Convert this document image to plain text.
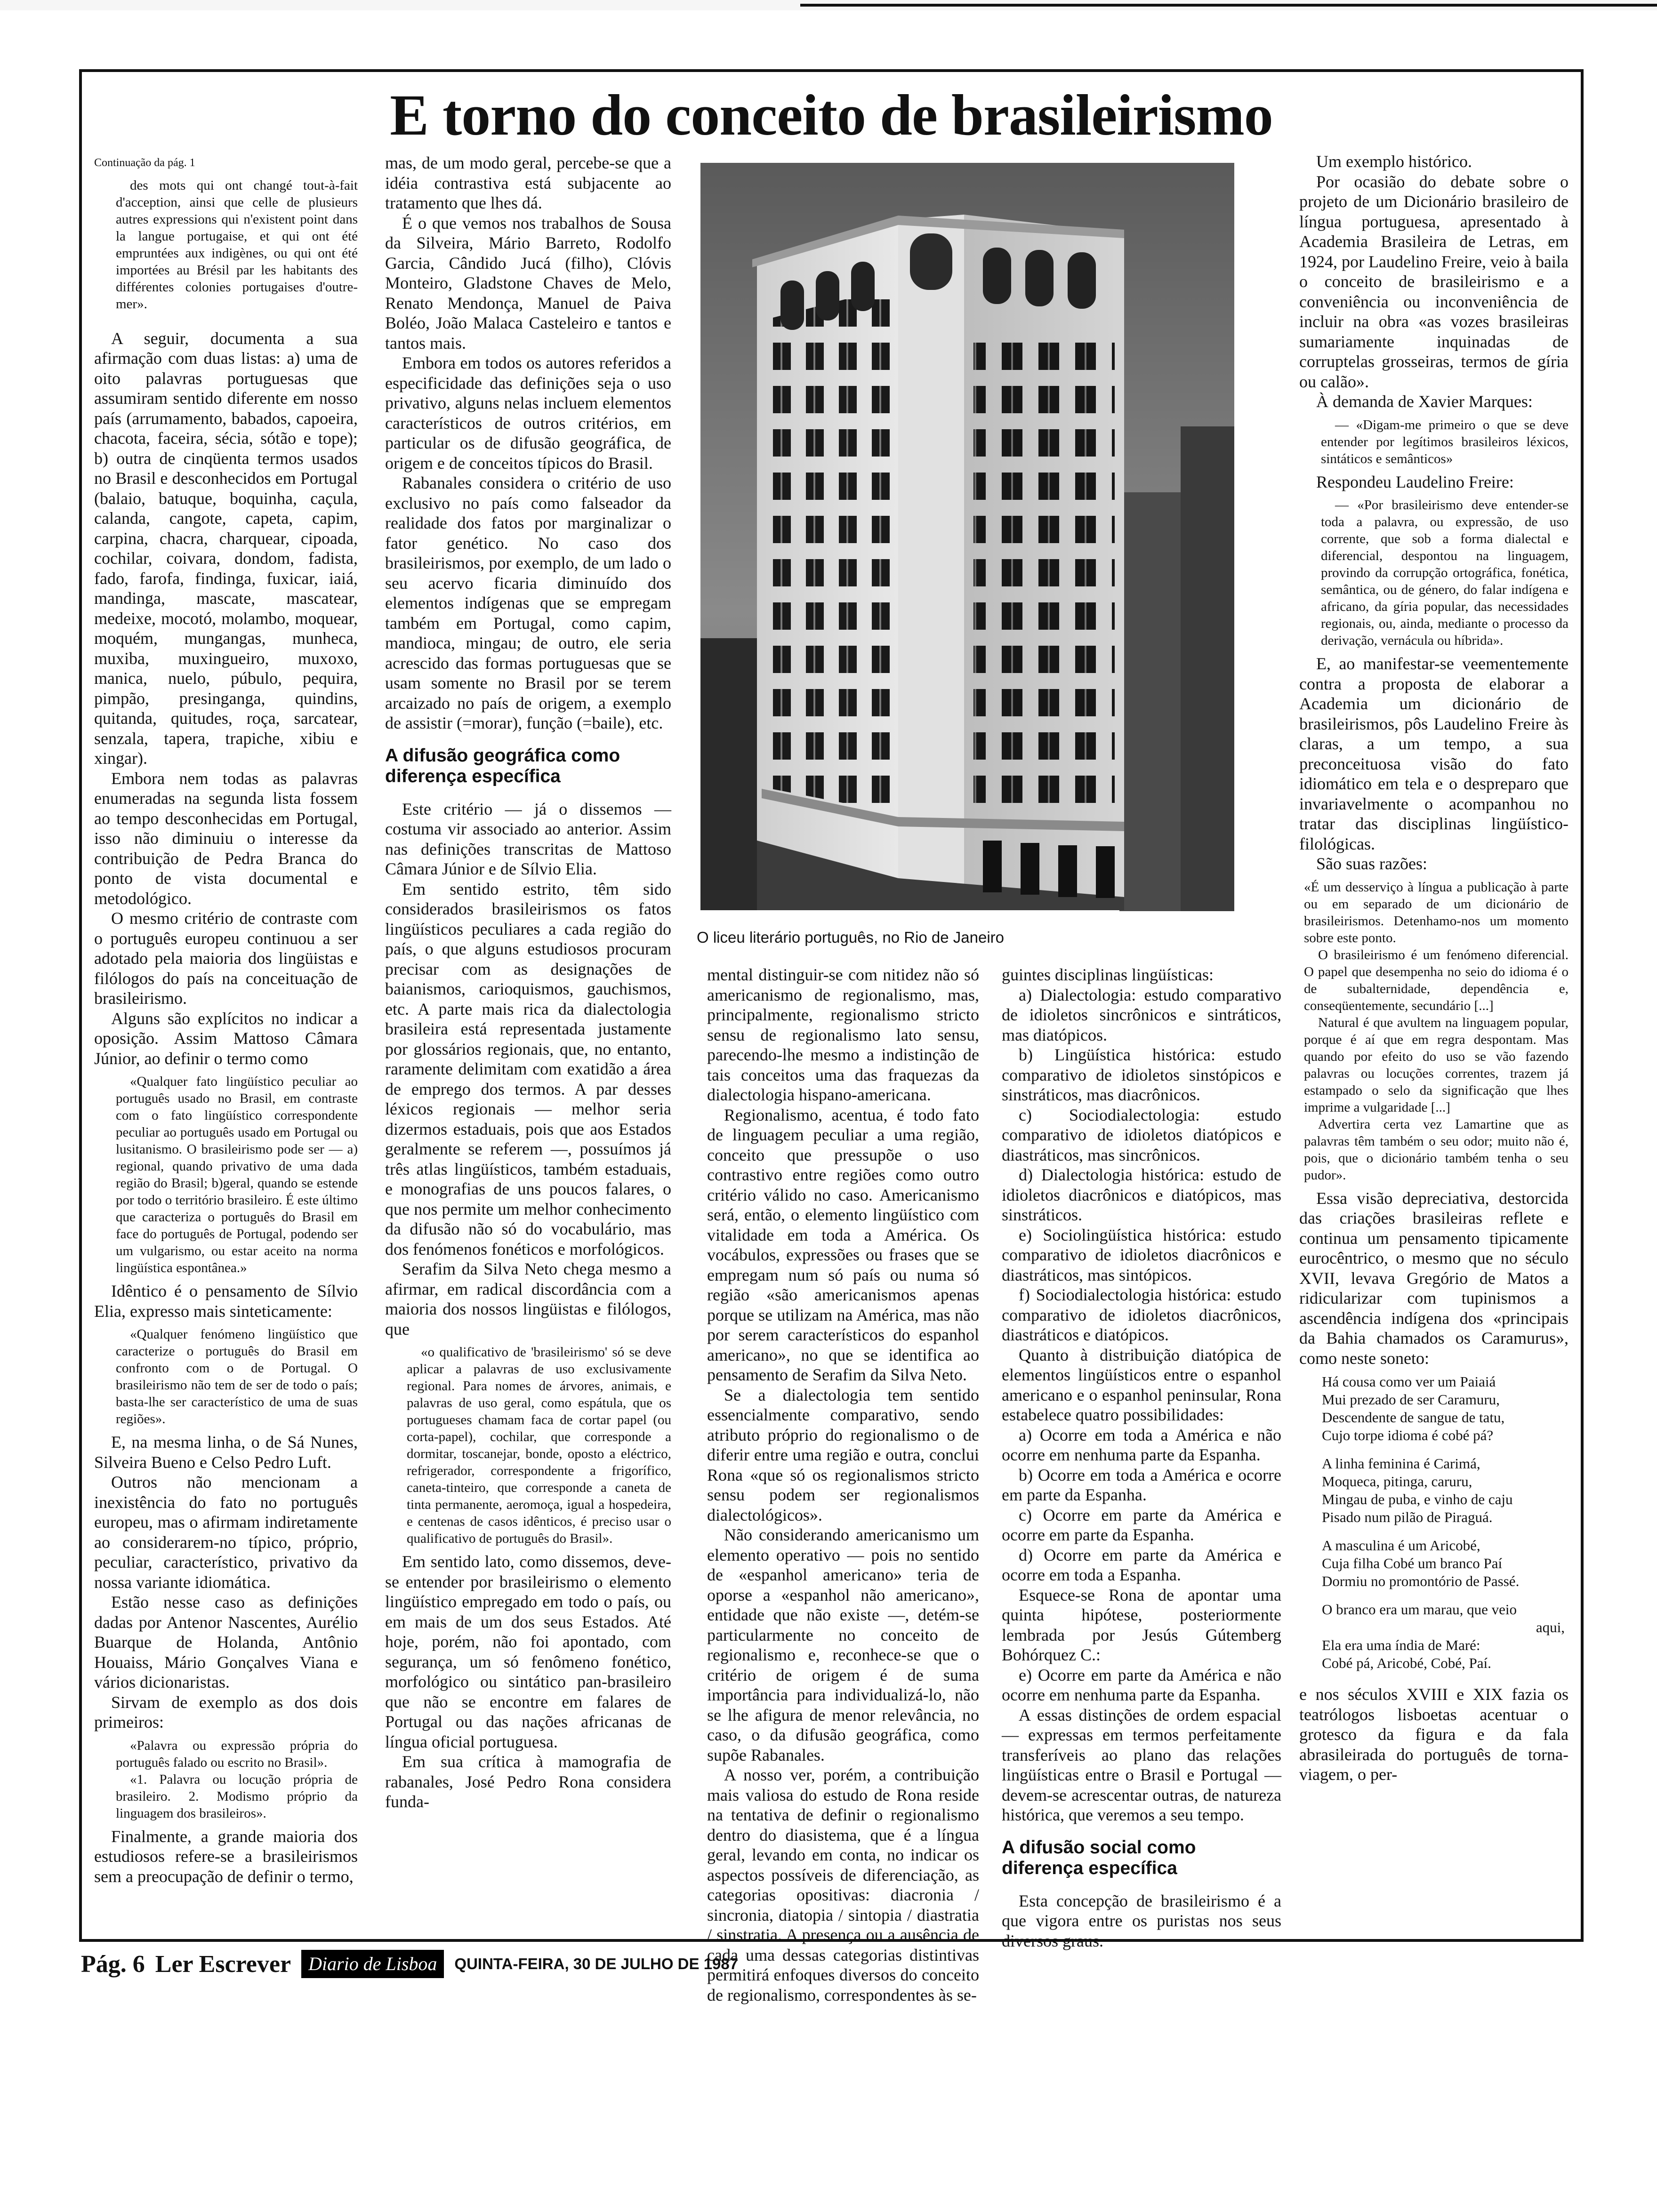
E torno do conceito de brasileirismo
Continuação da pág. 1

des mots qui ont changé tout-à-fait d'acception, ainsi que celle de plusieurs autres expressions qui n'existent point dans la langue portugaise, et qui ont été empruntées aux indigènes, ou qui ont été importées au Brésil par les habitants des différentes colonies portugaises d'outre-mer».

A seguir, documenta a sua afirmação com duas listas: a) uma de oito palavras portuguesas que assumiram sentido diferente em nosso país (arrumamento, babados, capoeira, chacota, faceira, sécia, sótão e tope); b) outra de cinqüenta termos usados no Brasil e desconhecidos em Portugal (balaio, batuque, boquinha, caçula, calanda, cangote, capeta, capim, carpina, chacra, charquear, cipoada, cochilar, coivara, dondom, fadista, fado, farofa, findinga, fuxicar, iaiá, mandinga, mascate, mascatear, medeixe, mocotó, molambo, moquear, moquém, mungangas, munheca, muxiba, muxingueiro, muxoxo, manica, nuelo, púbulo, pequira, pimpão, presinganga, quindins, quitanda, quitudes, roça, sarcatear, senzala, tapera, trapiche, xibiu e xingar).

Embora nem todas as palavras enumeradas na segunda lista fossem ao tempo desconhecidas em Portugal, isso não diminuiu o interesse da contribuição de Pedra Branca do ponto de vista documental e metodológico.

O mesmo critério de contraste com o português europeu continuou a ser adotado pela maioria dos lingüistas e filólogos do país na conceituação de brasileirismo.

Alguns são explícitos no indicar a oposição. Assim Mattoso Câmara Júnior, ao definir o termo como

«Qualquer fato lingüístico peculiar ao português usado no Brasil, em contraste com o fato lingüístico correspondente peculiar ao português usado em Portugal ou lusitanismo. O brasileirismo pode ser — a) regional, quando privativo de uma dada região do Brasil; b)geral, quando se estende por todo o território brasileiro. É este último que caracteriza o português do Brasil em face do português de Portugal, podendo ser um vulgarismo, ou estar aceito na norma lingüística espontânea.»

Idêntico é o pensamento de Sílvio Elia, expresso mais sinteticamente:

«Qualquer fenómeno lingüístico que caracterize o português do Brasil em confronto com o de Portugal. O brasileirismo não tem de ser de todo o país; basta-lhe ser característico de uma de suas regiões».

E, na mesma linha, o de Sá Nunes, Silveira Bueno e Celso Pedro Luft.

Outros não mencionam a inexistência do fato no português europeu, mas o afirmam indiretamente ao considerarem-no típico, próprio, peculiar, característico, privativo da nossa variante idiomática.

Estão nesse caso as definições dadas por Antenor Nascentes, Aurélio Buarque de Holanda, Antônio Houaiss, Mário Gonçalves Viana e vários dicionaristas.

Sirvam de exemplo as dos dois primeiros:

«Palavra ou expressão própria do português falado ou escrito no Brasil».

«1. Palavra ou locução própria de brasileiro. 2. Modismo próprio da linguagem dos brasileiros».

Finalmente, a grande maioria dos estudiosos refere-se a brasileirismos sem a preocupação de definir o termo,

mas, de um modo geral, percebe-se que a idéia contrastiva está subjacente ao tratamento que lhes dá.

É o que vemos nos trabalhos de Sousa da Silveira, Mário Barreto, Rodolfo Garcia, Cândido Jucá (filho), Clóvis Monteiro, Gladstone Chaves de Melo, Renato Mendonça, Manuel de Paiva Boléo, João Malaca Casteleiro e tantos e tantos mais.

Embora em todos os autores referidos a especificidade das definições seja o uso privativo, alguns nelas incluem elementos característicos de outros critérios, em particular os de difusão geográfica, de origem e de conceitos típicos do Brasil.

Rabanales considera o critério de uso exclusivo no país como falseador da realidade dos fatos por marginalizar o fator genético. No caso dos brasileirismos, por exemplo, de um lado o seu acervo ficaria diminuído dos elementos indígenas que se empregam também em Portugal, como capim, mandioca, mingau; de outro, ele seria acrescido das formas portuguesas que se usam somente no Brasil por se terem arcaizado no país de origem, a exemplo de assistir (=morar), função (=baile), etc.

A difusão geográfica como diferença específica

Este critério — já o dissemos — costuma vir associado ao anterior. Assim nas definições transcritas de Mattoso Câmara Júnior e de Sílvio Elia.

Em sentido estrito, têm sido considerados brasileirismos os fatos lingüísticos peculiares a cada região do país, o que alguns estudiosos procuram precisar com as designações de baianismos, carioquismos, gauchismos, etc. A parte mais rica da dialectologia brasileira está representada justamente por glossários regionais, que, no entanto, raramente delimitam com exatidão a área de emprego dos termos. A par desses léxicos regionais — melhor seria dizermos estaduais, pois que aos Estados geralmente se referem —, possuímos já três atlas lingüísticos, também estaduais, e monografias de uns poucos falares, o que nos permite um melhor conhecimento da difusão não só do vocabulário, mas dos fenómenos fonéticos e morfológicos.

Serafim da Silva Neto chega mesmo a afirmar, em radical discordância com a maioria dos nossos lingüistas e filólogos, que

«o qualificativo de 'brasileirismo' só se deve aplicar a palavras de uso exclusivamente regional. Para nomes de árvores, animais, e palavras de uso geral, como espátula, que os portugueses chamam faca de cortar papel (ou corta-papel), cochilar, que corresponde a dormitar, toscanejar, bonde, oposto a eléctrico, refrigerador, correspondente a frigorífico, caneta-tinteiro, que corresponde a caneta de tinta permanente, aeromoça, igual a hospedeira, e centenas de casos idênticos, é preciso usar o qualificativo de português do Brasil».

Em sentido lato, como dissemos, deve-se entender por brasileirismo o elemento lingüístico empregado em todo o país, ou em mais de um dos seus Estados. Até hoje, porém, não foi apontado, com segurança, um só fenômeno fonético, morfológico ou sintático pan-brasileiro que não se encontre em falares de Portugal ou das nações africanas de língua oficial portuguesa.

Em sua crítica à mamografia de rabanales, José Pedro Rona considera funda-

O liceu literário português, no Rio de Janeiro

mental distinguir-se com nitidez não só americanismo de regionalismo, mas, principalmente, regionalismo stricto sensu de regionalismo lato sensu, parecendo-lhe mesmo a indistinção de tais conceitos uma das fraquezas da dialectologia hispano-americana.

Regionalismo, acentua, é todo fato de linguagem peculiar a uma região, conceito que pressupõe o uso contrastivo entre regiões como outro critério válido no caso. Americanismo será, então, o elemento lingüístico com vitalidade em toda a América. Os vocábulos, expressões ou frases que se empregam num só país ou numa só região «são americanismos apenas porque se utilizam na América, mas não por serem característicos do espanhol americano», no que se identifica ao pensamento de Serafim da Silva Neto.

Se a dialectologia tem sentido essencialmente comparativo, sendo atributo próprio do regionalismo o de diferir entre uma região e outra, conclui Rona «que só os regionalismos stricto sensu podem ser regionalismos dialectológicos».

Não considerando americanismo um elemento operativo — pois no sentido de «espanhol americano» teria de oporse a «espanhol não americano», entidade que não existe —, detém-se particularmente no conceito de regionalismo e, reconhece-se que o critério de origem é de suma importância para individualizá-lo, não se lhe afigura de menor relevância, no caso, o da difusão geográfica, como supõe Rabanales.

A nosso ver, porém, a contribuição mais valiosa do estudo de Rona reside na tentativa de definir o regionalismo dentro do diasistema, que é a língua geral, levando em conta, no indicar os aspectos possíveis de diferenciação, as categorias opositivas: diacronia / sincronia, diatopia / sintopia / diastratia / sinstratia. A presença ou a ausência de cada uma dessas categorias distintivas permitirá enfoques diversos do conceito de regionalismo, correspondentes às se-

guintes disciplinas lingüísticas:

a) Dialectologia: estudo comparativo de idioletos sincrônicos e sintráticos, mas diatópicos.

b) Lingüística histórica: estudo comparativo de idioletos sinstópicos e sinstráticos, mas diacrônicos.

c) Sociodialectologia: estudo comparativo de idioletos diatópicos e diastráticos, mas sincrônicos.

d) Dialectologia histórica: estudo de idioletos diacrônicos e diatópicos, mas sinstráticos.

e) Sociolingüística histórica: estudo comparativo de idioletos diacrônicos e diastráticos, mas sintópicos.

f) Sociodialectologia histórica: estudo comparativo de idioletos diacrônicos, diastráticos e diatópicos.

Quanto à distribuição diatópica de elementos lingüísticos entre o espanhol americano e o espanhol peninsular, Rona estabelece quatro possibilidades:

a) Ocorre em toda a América e não ocorre em nenhuma parte da Espanha.

b) Ocorre em toda a América e ocorre em parte da Espanha.

c) Ocorre em parte da América e ocorre em parte da Espanha.

d) Ocorre em parte da América e ocorre em toda a Espanha.

Esquece-se Rona de apontar uma quinta hipótese, posteriormente lembrada por Jesús Gútemberg Bohórquez C.:

e) Ocorre em parte da América e não ocorre em nenhuma parte da Espanha.

A essas distinções de ordem espacial — expressas em termos perfeitamente transferíveis ao plano das relações lingüísticas entre o Brasil e Portugal — devem-se acrescentar outras, de natureza histórica, que veremos a seu tempo.

A difusão social como diferença específica

Esta concepção de brasileirismo é a que vigora entre os puristas nos seus diversos graus.

Um exemplo histórico.

Por ocasião do debate sobre o projeto de um Dicionário brasileiro de língua portuguesa, apresentado à Academia Brasileira de Letras, em 1924, por Laudelino Freire, veio à baila o conceito de brasileirismo e a conveniência ou inconveniência de incluir na obra «as vozes brasileiras sumariamente inquinadas de corruptelas grosseiras, termos de gíria ou calão».

À demanda de Xavier Marques:

— «Digam-me primeiro o que se deve entender por legítimos brasileiros léxicos, sintáticos e semânticos»

Respondeu Laudelino Freire:

— «Por brasileirismo deve entender-se toda a palavra, ou expressão, de uso corrente, que sob a forma dialectal e diferencial, despontou na linguagem, provindo da corrupção ortográfica, fonética, semântica, ou de género, do falar indígena e africano, da gíria popular, das necessidades regionais, ou, ainda, mediante o processo da derivação, vernácula ou híbrida».

E, ao manifestar-se veementemente contra a proposta de elaborar a Academia um dicionário de brasileirismos, pôs Laudelino Freire às claras, a um tempo, a sua preconceituosa visão do fato idiomático em tela e o despreparo que invariavelmente o acompanhou no tratar das disciplinas lingüístico-filológicas.

São suas razões:

«É um desserviço à língua a publicação à parte ou em separado de um dicionário de brasileirismos. Detenhamo-nos um momento sobre este ponto.

O brasileirismo é um fenómeno diferencial. O papel que desempenha no seio do idioma é o de subalternidade, dependência e, conseqüentemente, secundário [...]

Natural é que avultem na linguagem popular, porque é aí que em regra despontam. Mas quando por efeito do uso se vão fazendo palavras ou locuções correntes, trazem já estampado o selo da significação que lhes imprime a vulgaridade [...]

Advertira certa vez Lamartine que as palavras têm também o seu odor; muito não é, pois, que o dicionário também tenha o seu pudor».

Essa visão depreciativa, destorcida das criações brasileiras reflete e continua um pensamento tipicamente eurocêntrico, o mesmo que no século XVII, levava Gregório de Matos a ridicularizar com tupinismos a ascendência indígena dos «principais da Bahia chamados os Caramurus», como neste soneto:

Há cousa como ver um Paiaiá
Mui prezado de ser Caramuru,
Descendente de sangue de tatu,
Cujo torpe idioma é cobé pá?
A linha feminina é Carimá,
Moqueca, pitinga, caruru,
Mingau de puba, e vinho de caju
Pisado num pilão de Piraguá.
A masculina é um Aricobé,
Cuja filha Cobé um branco Paí
Dormiu no promontório de Passé.
O branco era um marau, que veio
aqui,
Ela era uma índia de Maré:
Cobé pá, Aricobé, Cobé, Paí.

e nos séculos XVIII e XIX fazia os teatrólogos lisboetas acentuar o grotesco da figura e da fala abrasileirada do português de torna-viagem, o per-

Pág. 6 Ler Escrever Diario de Lisboa	QUINTA-FEIRA, 30 DE JULHO DE 1987
